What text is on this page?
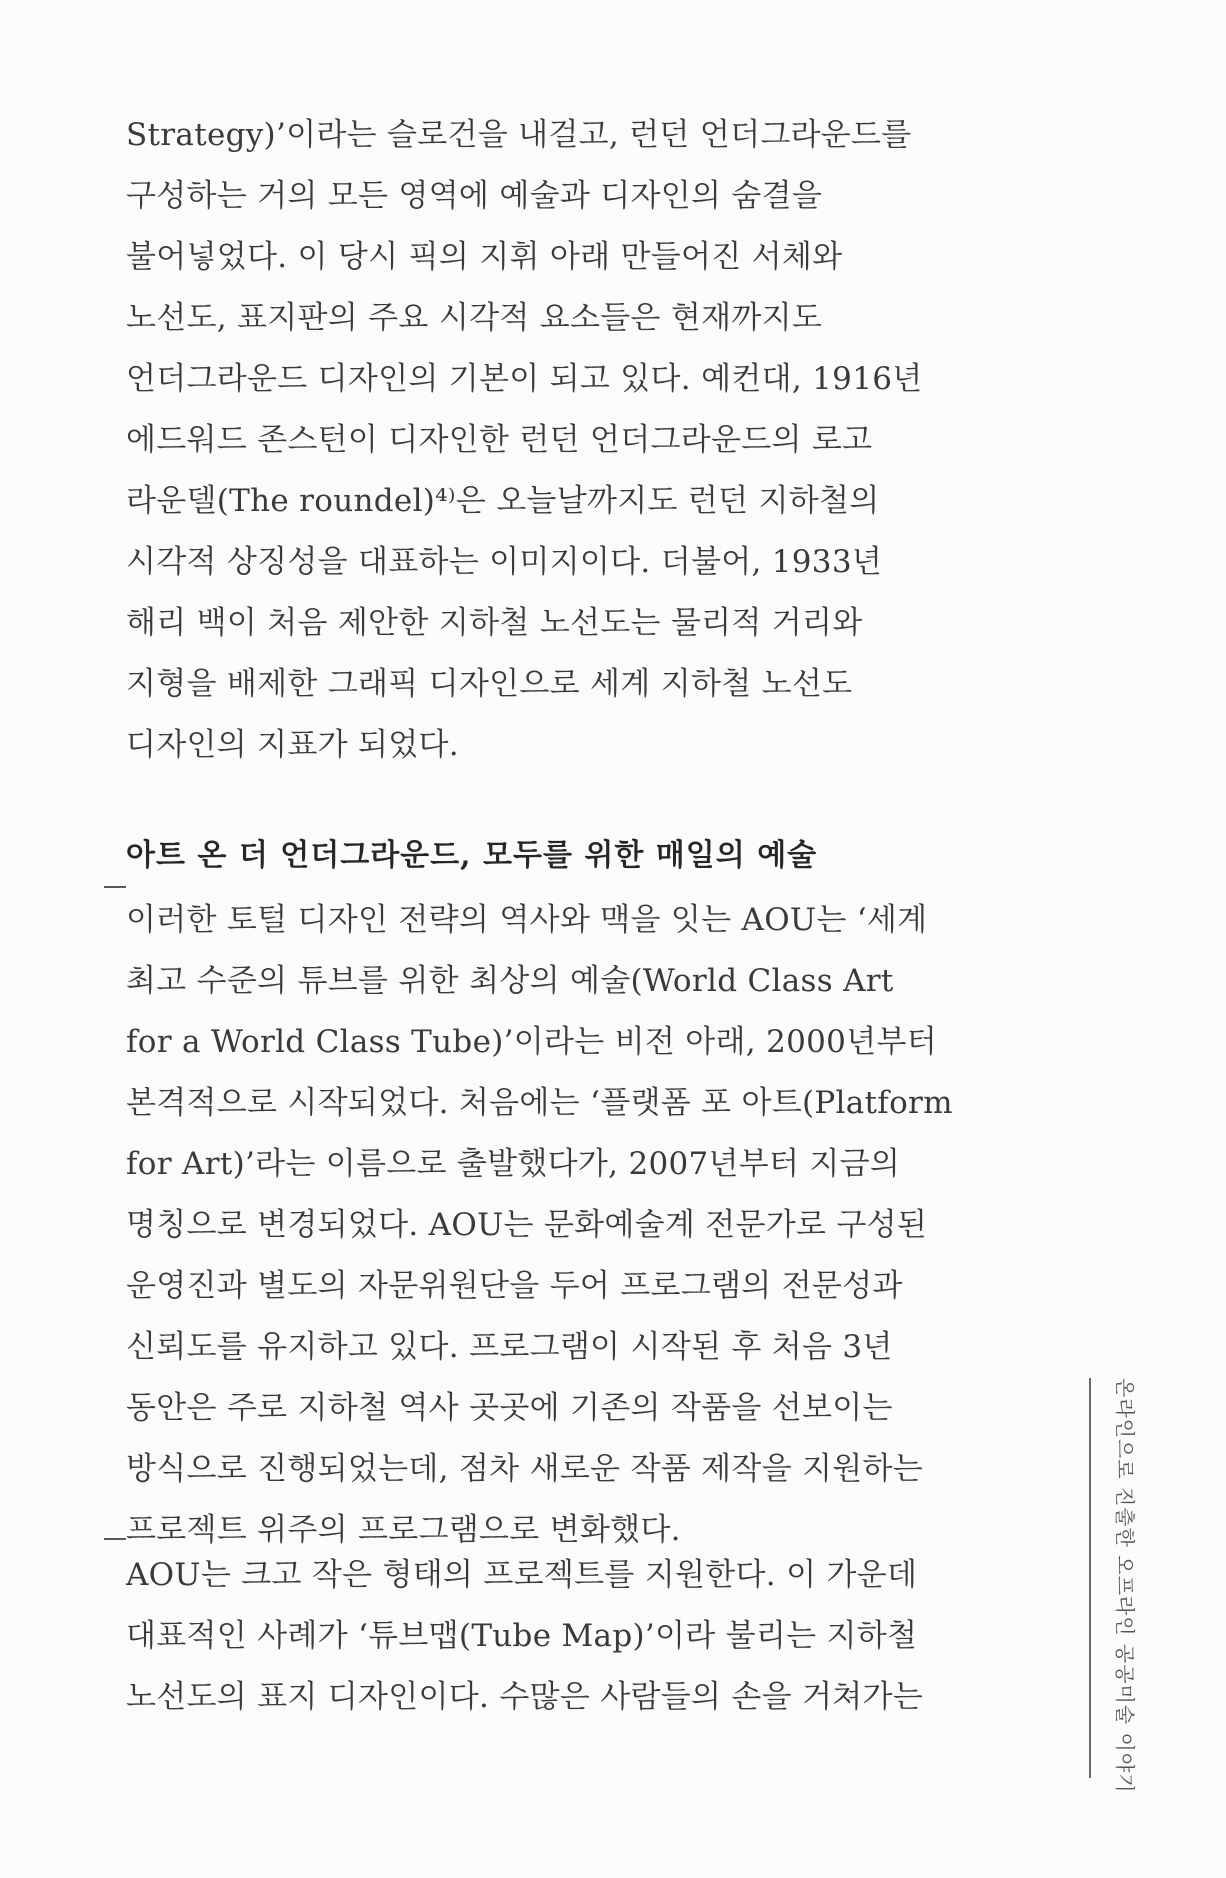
Strategy)’이라는 슬로건을 내걸고, 런던 언더그라운드를
구성하는 거의 모든 영역에 예술과 디자인의 숨결을
불어넣었다. 이 당시 픽의 지휘 아래 만들어진 서체와
노선도, 표지판의 주요 시각적 요소들은 현재까지도
언더그라운드 디자인의 기본이 되고 있다. 예컨대, 1916년
에드워드 존스턴이 디자인한 런던 언더그라운드의 로고
라운델(The roundel)⁴⁾은 오늘날까지도 런던 지하철의
시각적 상징성을 대표하는 이미지이다. 더불어, 1933년
해리 백이 처음 제안한 지하철 노선도는 물리적 거리와
지형을 배제한 그래픽 디자인으로 세계 지하철 노선도
디자인의 지표가 되었다.
아트 온 더 언더그라운드, 모두를 위한 매일의 예술
이러한 토털 디자인 전략의 역사와 맥을 잇는 AOU는 ‘세계
최고 수준의 튜브를 위한 최상의 예술(World Class Art
for a World Class Tube)’이라는 비전 아래, 2000년부터
본격적으로 시작되었다. 처음에는 ‘플랫폼 포 아트(Platform
for Art)’라는 이름으로 출발했다가, 2007년부터 지금의
명칭으로 변경되었다. AOU는 문화예술계 전문가로 구성된
운영진과 별도의 자문위원단을 두어 프로그램의 전문성과
신뢰도를 유지하고 있다. 프로그램이 시작된 후 처음 3년
동안은 주로 지하철 역사 곳곳에 기존의 작품을 선보이는
방식으로 진행되었는데, 점차 새로운 작품 제작을 지원하는
프로젝트 위주의 프로그램으로 변화했다.
AOU는 크고 작은 형태의 프로젝트를 지원한다. 이 가운데
대표적인 사례가 ‘튜브맵(Tube Map)’이라 불리는 지하철
노선도의 표지 디자인이다. 수많은 사람들의 손을 거쳐가는	온라인으로 진출한 오프라인 공공미술 이야기
